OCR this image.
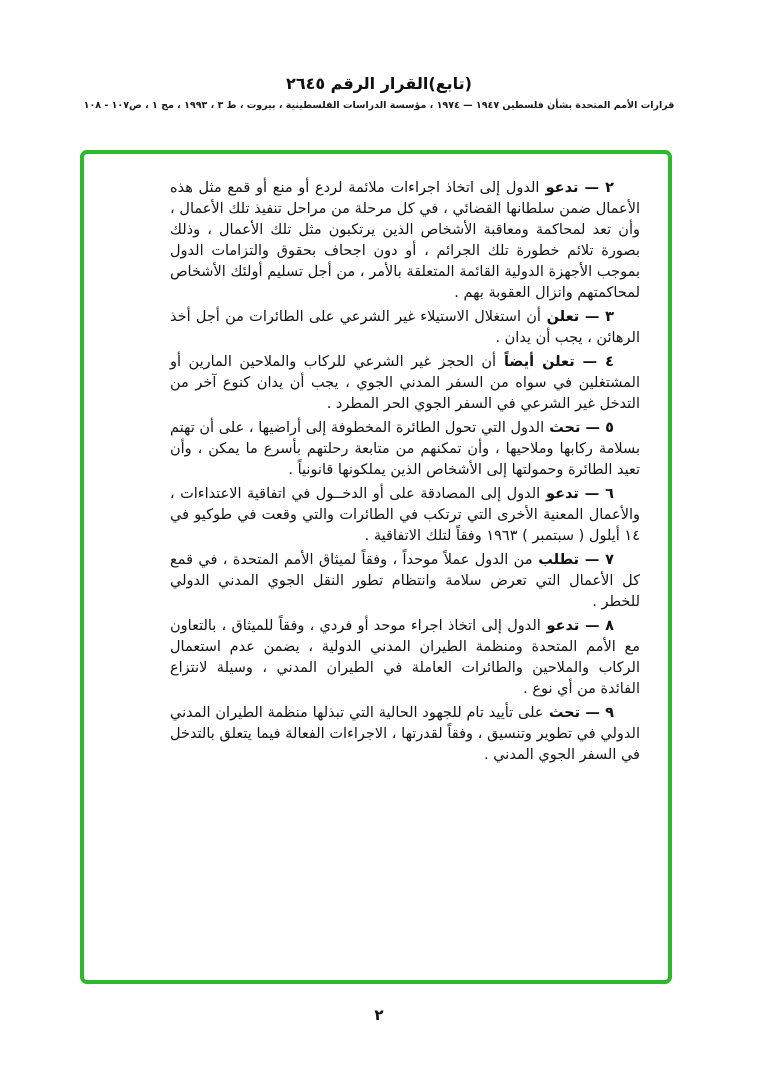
(تابع)القرار الرقم ٢٦٤٥
قرارات الأمم المتحدة بشأن فلسطين ١٩٤٧ — ١٩٧٤ ، مؤسسة الدراسات الفلسطينية ، بيروت ، ط ٣ ، ١٩٩٣ ، مج ١ ، ص١٠٧ - ١٠٨

٢ — تدعو الدول إلى اتخاذ اجراءات ملائمة لردع أو منع أو قمع مثل هذه الأعمال ضمن سلطانها القضائي ، في كل مرحلة من مراحل تنفيذ تلك الأعمال ، وأن تعد لمحاكمة ومعاقبة الأشخاص الذين يرتكبون مثل تلك الأعمال ، وذلك بصورة تلائم خطورة تلك الجرائم ، أو دون اجحاف بحقوق والتزامات الدول بموجب الأجهزة الدولية القائمة المتعلقة بالأمر ، من أجل تسليم أولئك الأشخاص لمحاكمتهم وانزال العقوبة بهم .

٣ — تعلن أن استغلال الاستيلاء غير الشرعي على الطائرات من أجل أخذ الرهائن ، يجب أن يدان .

٤ — تعلن أيضاً أن الحجز غير الشرعي للركاب والملاحين المارين أو المشتغلين في سواه من السفر المدني الجوي ، يجب أن يدان كنوع آخر من التدخل غير الشرعي في السفر الجوي الحر المطرد .

٥ — تحث الدول التي تحول الطائرة المخطوفة إلى أراضيها ، على أن تهتم بسلامة ركابها وملاحيها ، وأن تمكنهم من متابعة رحلتهم بأسرع ما يمكن ، وأن تعيد الطائرة وحمولتها إلى الأشخاص الذين يملكونها قانونياً .

٦ — تدعو الدول إلى المصادقة على أو الدخــول في اتفاقية الاعتداءات ، والأعمال المعنية الأخرى التي ترتكب في الطائرات والتي وقعت في طوكيو في ١٤ أيلول ( سبتمبر ) ١٩٦٣ وفقاً لتلك الاتفاقية .

٧ — تطلب من الدول عملاً موحداً ، وفقاً لميثاق الأمم المتحدة ، في قمع كل الأعمال التي تعرض سلامة وانتظام تطور النقل الجوي المدني الدولي للخطر .

٨ — تدعو الدول إلى اتخاذ اجراء موحد أو فردي ، وفقاً للميثاق ، بالتعاون مع الأمم المتحدة ومنظمة الطيران المدني الدولية ، يضمن عدم استعمال الركاب والملاحين والطائرات العاملة في الطيران المدني ، وسيلة لانتزاع الفائدة من أي نوع .

٩ — تحث على تأييد تام للجهود الحالية التي تبذلها منظمة الطيران المدني الدولي في تطوير وتنسيق ، وفقاً لقدرتها ، الاجراءات الفعالة فيما يتعلق بالتدخل في السفر الجوي المدني .

٢
